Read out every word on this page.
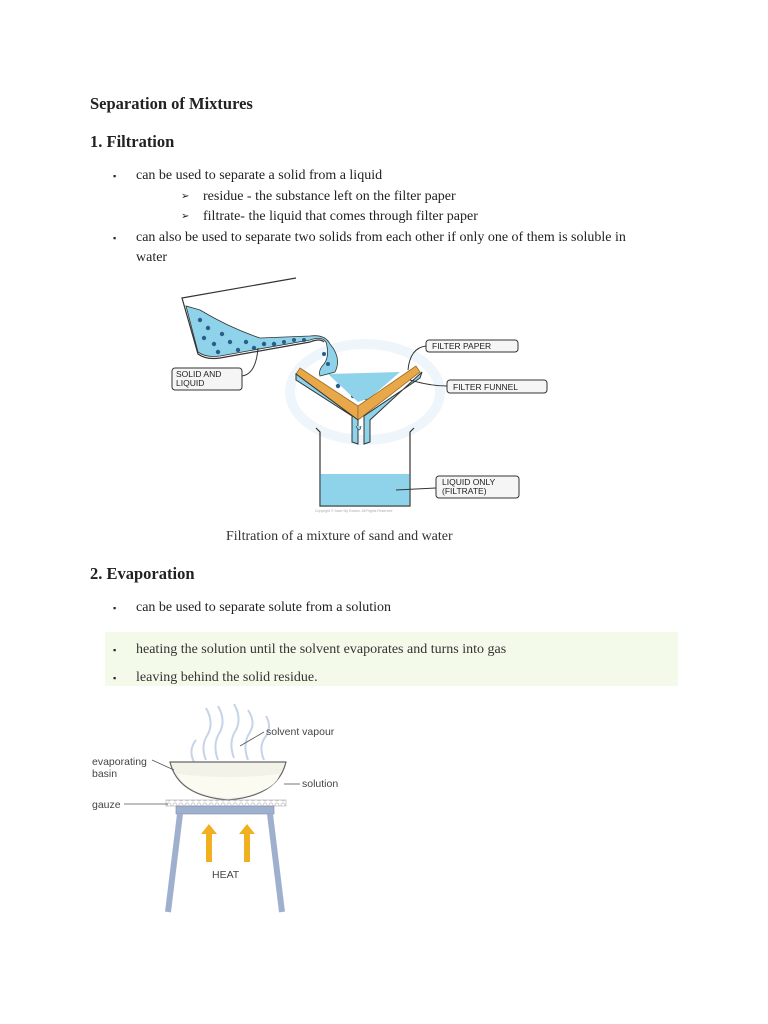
Separation of Mixtures
1. Filtration
▪ can be used to separate a solid from a liquid
➢ residue - the substance left on the filter paper
➢ filtrate- the liquid that comes through filter paper
▪ can also be used to separate two solids from each other if only one of them is soluble in
water
SOLID AND
LIQUID
FILTER PAPER
FILTER FUNNEL
LIQUID ONLY
(FILTRATE)
Copyright © Save My Exams. All Rights Reserved
Filtration of a mixture of sand and water
2. Evaporation
▪ can be used to separate solute from a solution
▪ heating the solution until the solvent evaporates and turns into gas
▪ leaving behind the solid residue.
solvent vapour
evaporating
basin
solution
gauze
HEAT
